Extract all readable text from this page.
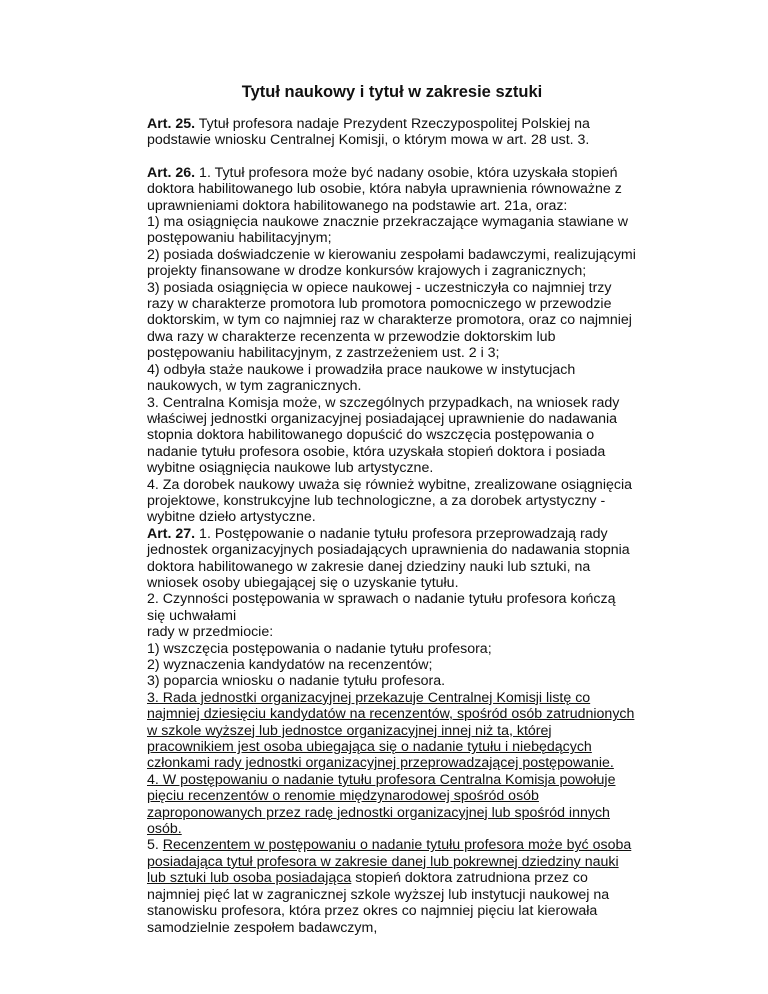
Tytuł naukowy i tytuł w zakresie sztuki

Art. 25. Tytuł profesora nadaje Prezydent Rzeczypospolitej Polskiej na podstawie wniosku Centralnej Komisji, o którym mowa w art. 28 ust. 3.

Art. 26. 1. Tytuł profesora może być nadany osobie, która uzyskała stopień doktora habilitowanego lub osobie, która nabyła uprawnienia równoważne z uprawnieniami doktora habilitowanego na podstawie art. 21a, oraz:

1) ma osiągnięcia naukowe znacznie przekraczające wymagania stawiane w postępowaniu habilitacyjnym;

2) posiada doświadczenie w kierowaniu zespołami badawczymi, realizującymi projekty finansowane w drodze konkursów krajowych i zagranicznych;

3) posiada osiągnięcia w opiece naukowej - uczestniczyła co najmniej trzy razy w charakterze promotora lub promotora pomocniczego w przewodzie doktorskim, w tym co najmniej raz w charakterze promotora, oraz co najmniej dwa razy w charakterze recenzenta w przewodzie doktorskim lub postępowaniu habilitacyjnym, z zastrzeżeniem ust. 2 i 3;

4) odbyła staże naukowe i prowadziła prace naukowe w instytucjach naukowych, w tym zagranicznych.

3. Centralna Komisja może, w szczególnych przypadkach, na wniosek rady właściwej jednostki organizacyjnej posiadającej uprawnienie do nadawania stopnia doktora habilitowanego dopuścić do wszczęcia postępowania o nadanie tytułu profesora osobie, która uzyskała stopień doktora i posiada wybitne osiągnięcia naukowe lub artystyczne.

4. Za dorobek naukowy uważa się również wybitne, zrealizowane osiągnięcia projektowe, konstrukcyjne lub technologiczne, a za dorobek artystyczny - wybitne dzieło artystyczne.

Art. 27. 1. Postępowanie o nadanie tytułu profesora przeprowadzają rady jednostek organizacyjnych posiadających uprawnienia do nadawania stopnia doktora habilitowanego w zakresie danej dziedziny nauki lub sztuki, na wniosek osoby ubiegającej się o uzyskanie tytułu.

2. Czynności postępowania w sprawach o nadanie tytułu profesora kończą się uchwałami

rady w przedmiocie:

1) wszczęcia postępowania o nadanie tytułu profesora;

2) wyznaczenia kandydatów na recenzentów;

3) poparcia wniosku o nadanie tytułu profesora.

3. Rada jednostki organizacyjnej przekazuje Centralnej Komisji listę co najmniej dziesięciu kandydatów na recenzentów, spośród osób zatrudnionych w szkole wyższej lub jednostce organizacyjnej innej niż ta, której pracownikiem jest osoba ubiegająca się o nadanie tytułu i niebędących członkami rady jednostki organizacyjnej przeprowadzającej postępowanie.

4. W postępowaniu o nadanie tytułu profesora Centralna Komisja powołuje pięciu recenzentów o renomie międzynarodowej spośród osób zaproponowanych przez radę jednostki organizacyjnej lub spośród innych osób.

5. Recenzentem w postępowaniu o nadanie tytułu profesora może być osoba posiadająca tytuł profesora w zakresie danej lub pokrewnej dziedziny nauki lub sztuki lub osoba posiadająca stopień doktora zatrudniona przez co najmniej pięć lat w zagranicznej szkole wyższej lub instytucji naukowej na stanowisku profesora, która przez okres co najmniej pięciu lat kierowała samodzielnie zespołem badawczym,
